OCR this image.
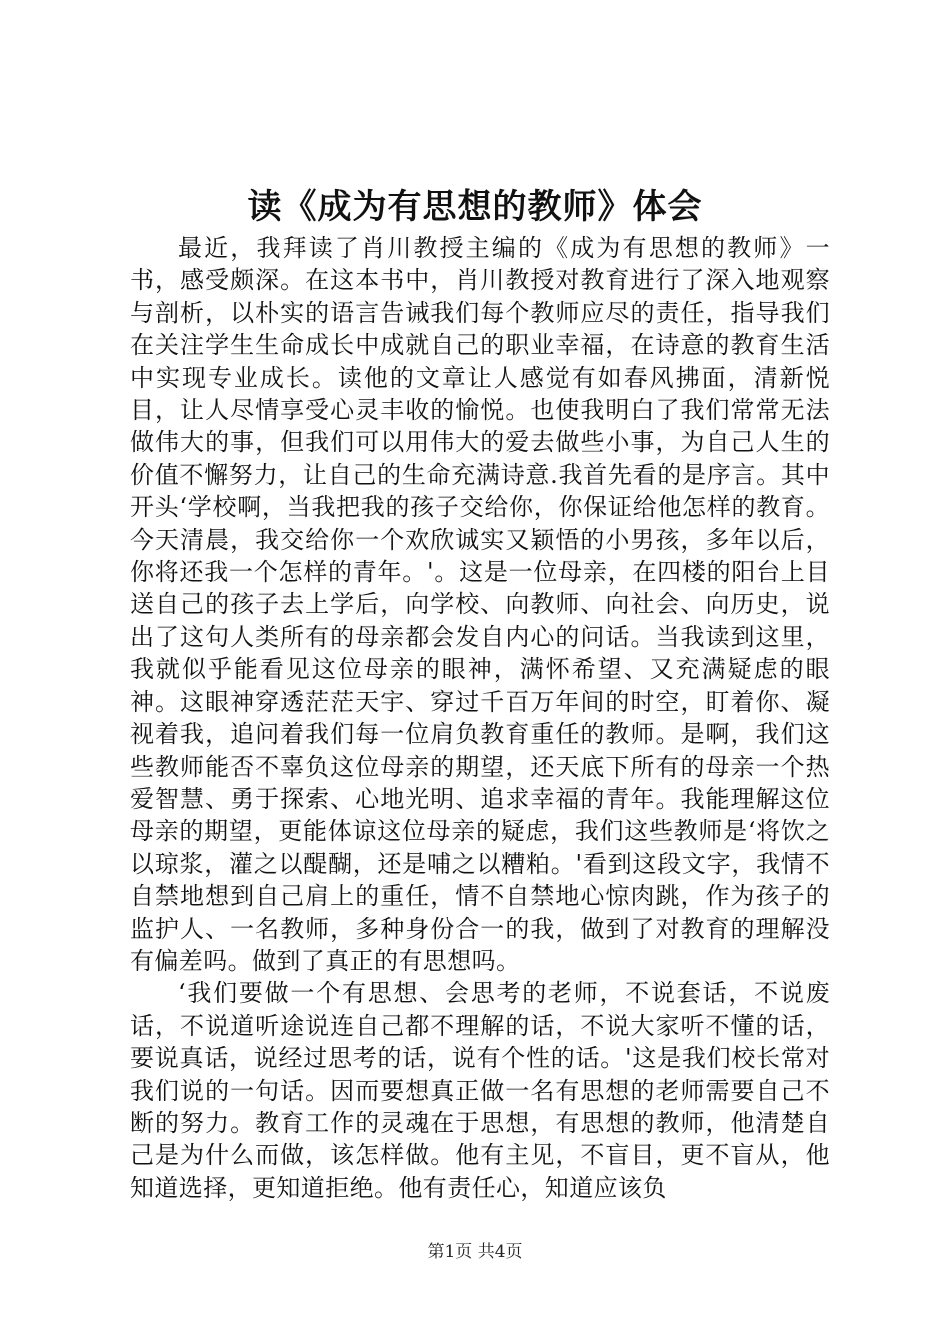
读《成为有思想的教师》体会

最近，我拜读了肖川教授主编的《成为有思想的教师》一书，感受颇深。在这本书中，肖川教授对教育进行了深入地观察与剖析，以朴实的语言告诫我们每个教师应尽的责任，指导我们在关注学生生命成长中成就自己的职业幸福，在诗意的教育生活中实现专业成长。读他的文章让人感觉有如春风拂面，清新悦目，让人尽情享受心灵丰收的愉悦。也使我明白了我们常常无法做伟大的事，但我们可以用伟大的爱去做些小事，为自己人生的价值不懈努力，让自己的生命充满诗意.我首先看的是序言。其中开头‘学校啊，当我把我的孩子交给你，你保证给他怎样的教育。今天清晨，我交给你一个欢欣诚实又颖悟的小男孩，多年以后，你将还我一个怎样的青年。'。这是一位母亲，在四楼的阳台上目送自己的孩子去上学后，向学校、向教师、向社会、向历史，说出了这句人类所有的母亲都会发自内心的问话。当我读到这里，我就似乎能看见这位母亲的眼神，满怀希望、又充满疑虑的眼神。这眼神穿透茫茫天宇、穿过千百万年间的时空，盯着你、凝视着我，追问着我们每一位肩负教育重任的教师。是啊，我们这些教师能否不辜负这位母亲的期望，还天底下所有的母亲一个热爱智慧、勇于探索、心地光明、追求幸福的青年。我能理解这位母亲的期望，更能体谅这位母亲的疑虑，我们这些教师是‘将饮之以琼浆，灌之以醍醐，还是哺之以糟粕。'看到这段文字，我情不自禁地想到自己肩上的重任，情不自禁地心惊肉跳，作为孩子的监护人、一名教师，多种身份合一的我，做到了对教育的理解没有偏差吗。做到了真正的有思想吗。

‘我们要做一个有思想、会思考的老师，不说套话，不说废话，不说道听途说连自己都不理解的话，不说大家听不懂的话，要说真话，说经过思考的话，说有个性的话。'这是我们校长常对我们说的一句话。因而要想真正做一名有思想的老师需要自己不断的努力。教育工作的灵魂在于思想，有思想的教师，他清楚自己是为什么而做，该怎样做。他有主见，不盲目，更不盲从，他知道选择，更知道拒绝。他有责任心，知道应该负

第1页 共4页
